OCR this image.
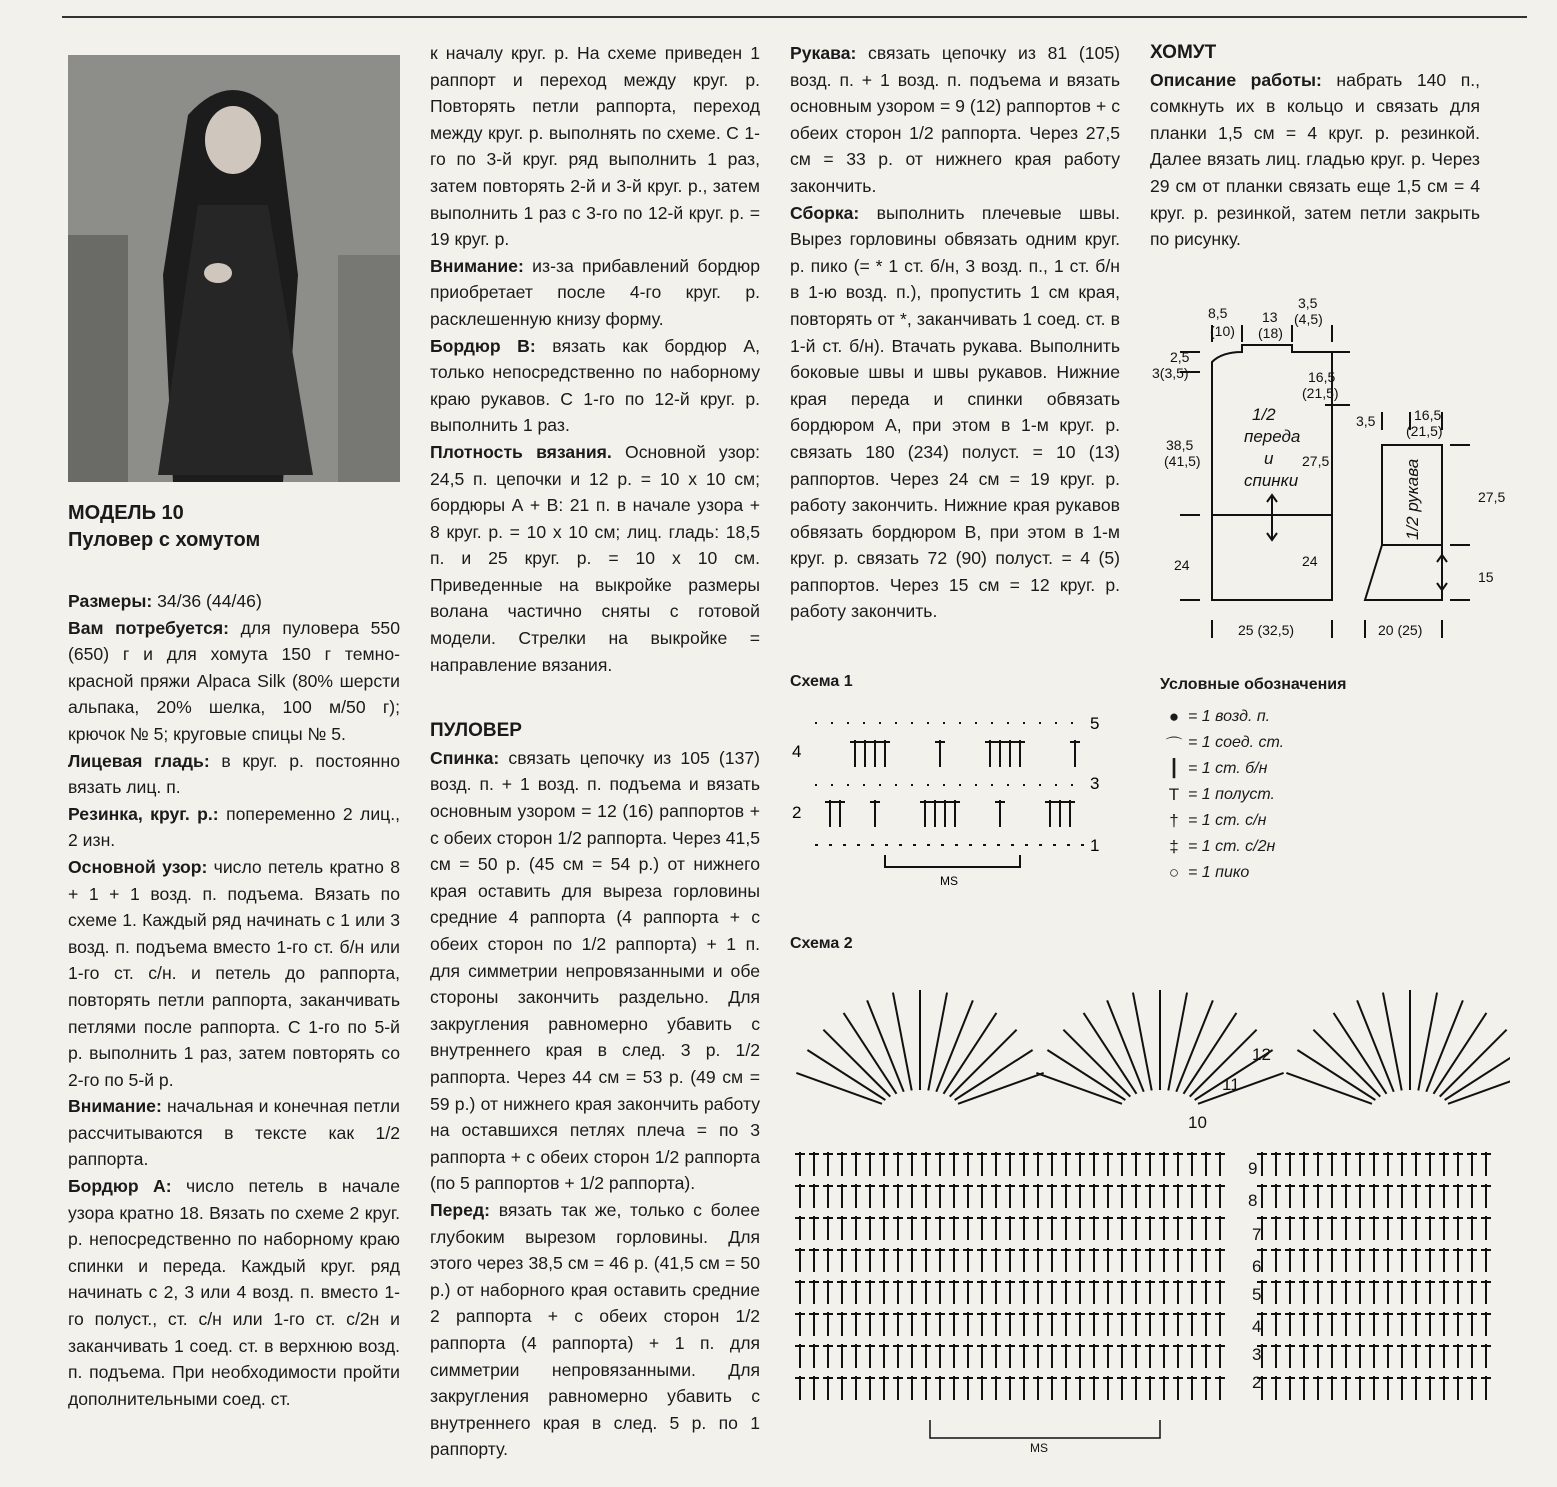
МОДЕЛЬ 10
Пуловер с хомутом

Размеры: 34/36 (44/46)

Вам потребуется: для пуловера 550 (650) г и для хомута 150 г темно-красной пряжи Alpaca Silk (80% шерсти альпака, 20% шелка, 100 м/50 г); крючок № 5; круговые спицы № 5.

Лицевая гладь: в круг. р. постоянно вязать лиц. п.

Резинка, круг. р.: попеременно 2 лиц., 2 изн.

Основной узор: число петель кратно 8 + 1 + 1 возд. п. подъема. Вязать по схеме 1. Каждый ряд начинать с 1 или 3 возд. п. подъема вместо 1-го ст. б/н или 1-го ст. с/н. и петель до раппорта, повторять петли раппорта, заканчивать петлями после раппорта. С 1-го по 5-й р. выполнить 1 раз, затем повторять со 2-го по 5-й р.

Внимание: начальная и конечная петли рассчитываются в тексте как 1/2 раппорта.

Бордюр А: число петель в начале узора кратно 18. Вязать по схеме 2 круг. р. непосредственно по наборному краю спинки и переда. Каждый круг. ряд начинать с 2, 3 или 4 возд. п. вместо 1-го полуст., ст. с/н или 1-го ст. с/2н и заканчивать 1 соед. ст. в верхнюю возд. п. подъема. При необходимости пройти дополнительными соед. ст.

к началу круг. р. На схеме приведен 1 раппорт и переход между круг. р. Повторять петли раппорта, переход между круг. р. выполнять по схеме. С 1-го по 3-й круг. ряд выполнить 1 раз, затем повторять 2-й и 3-й круг. р., затем выполнить 1 раз с 3-го по 12-й круг. р. = 19 круг. р.

Внимание: из-за прибавлений бордюр приобретает после 4-го круг. р. расклешенную книзу форму.

Бордюр В: вязать как бордюр А, только непосредственно по наборному краю рукавов. С 1-го по 12-й круг. р. выполнить 1 раз.

Плотность вязания. Основной узор: 24,5 п. цепочки и 12 р. = 10 х 10 см; бордюры А + В: 21 п. в начале узора + 8 круг. р. = 10 х 10 см; лиц. гладь: 18,5 п. и 25 круг. р. = 10 х 10 см. Приведенные на выкройке размеры волана частично сняты с готовой модели. Стрелки на выкройке = направление вязания.

ПУЛОВЕР

Спинка: связать цепочку из 105 (137) возд. п. + 1 возд. п. подъема и вязать основным узором = 12 (16) раппортов + с обеих сторон 1/2 раппорта. Через 41,5 см = 50 р. (45 см = 54 р.) от нижнего края оставить для выреза горловины средние 4 раппорта (4 раппорта + с обеих сторон по 1/2 раппорта) + 1 п. для симметрии непровязанными и обе стороны закончить раздельно. Для закругления равномерно убавить с внутреннего края в след. 3 р. 1/2 раппорта. Через 44 см = 53 р. (49 см = 59 р.) от нижнего края закончить работу на оставшихся петлях плеча = по 3 раппорта + с обеих сторон 1/2 раппорта (по 5 раппортов + 1/2 раппорта).

Перед: вязать так же, только с более глубоким вырезом горловины. Для этого через 38,5 см = 46 р. (41,5 см = 50 р.) от наборного края оставить средние 2 раппорта + с обеих сторон 1/2 раппорта (4 раппорта) + 1 п. для симметрии непровязанными. Для закругления равномерно убавить с внутреннего края в след. 5 р. по 1 раппорту.

Рукава: связать цепочку из 81 (105) возд. п. + 1 возд. п. подъема и вязать основным узором = 9 (12) раппортов + с обеих сторон 1/2 раппорта. Через 27,5 см = 33 р. от нижнего края работу закончить.

Сборка: выполнить плечевые швы. Вырез горловины обвязать одним круг. р. пико (= * 1 ст. б/н, 3 возд. п., 1 ст. б/н в 1-ю возд. п.), пропустить 1 см края, повторять от *, заканчивать 1 соед. ст. в 1-й ст. б/н). Втачать рукава. Выполнить боковые швы и швы рукавов. Нижние края переда и спинки обвязать бордюром А, при этом в 1-м круг. р. связать 180 (234) полуст. = 10 (13) раппортов. Через 24 см = 19 круг. р. работу закончить. Нижние края рукавов обвязать бордюром В, при этом в 1-м круг. р. связать 72 (90) полуст. = 4 (5) раппортов. Через 15 см = 12 круг. р. работу закончить.

ХОМУТ

Описание работы: набрать 140 п., сомкнуть их в кольцо и связать для планки 1,5 см = 4 круг. р. резинкой. Далее вязать лиц. гладью круг. р. Через 29 см от планки связать еще 1,5 см = 4 круг. р. резинкой, затем петли закрыть по рисунку.

Схема 1
4
2
5
3
1
MS
Схема 2
2
3
4
5
6
7
8
9
10
11
12
MS
8,5
(10)
13
(18)
3,5
(4,5)
2,5
3(3,5)
38,5
(41,5)
24
16,5
(21,5)
27,5
24
1/2
переда
и
спинки
25 (32,5)
3,5	16,5
(21,5)
27,5
15
1/2 рукава
20 (25)
Условные обозначения
● = 1 возд. п.
⌒ = 1 соед. ст.
┃ = 1 ст. б/н
T = 1 полуст.
† = 1 ст. с/н
‡ = 1 ст. с/2н
○ = 1 пико
